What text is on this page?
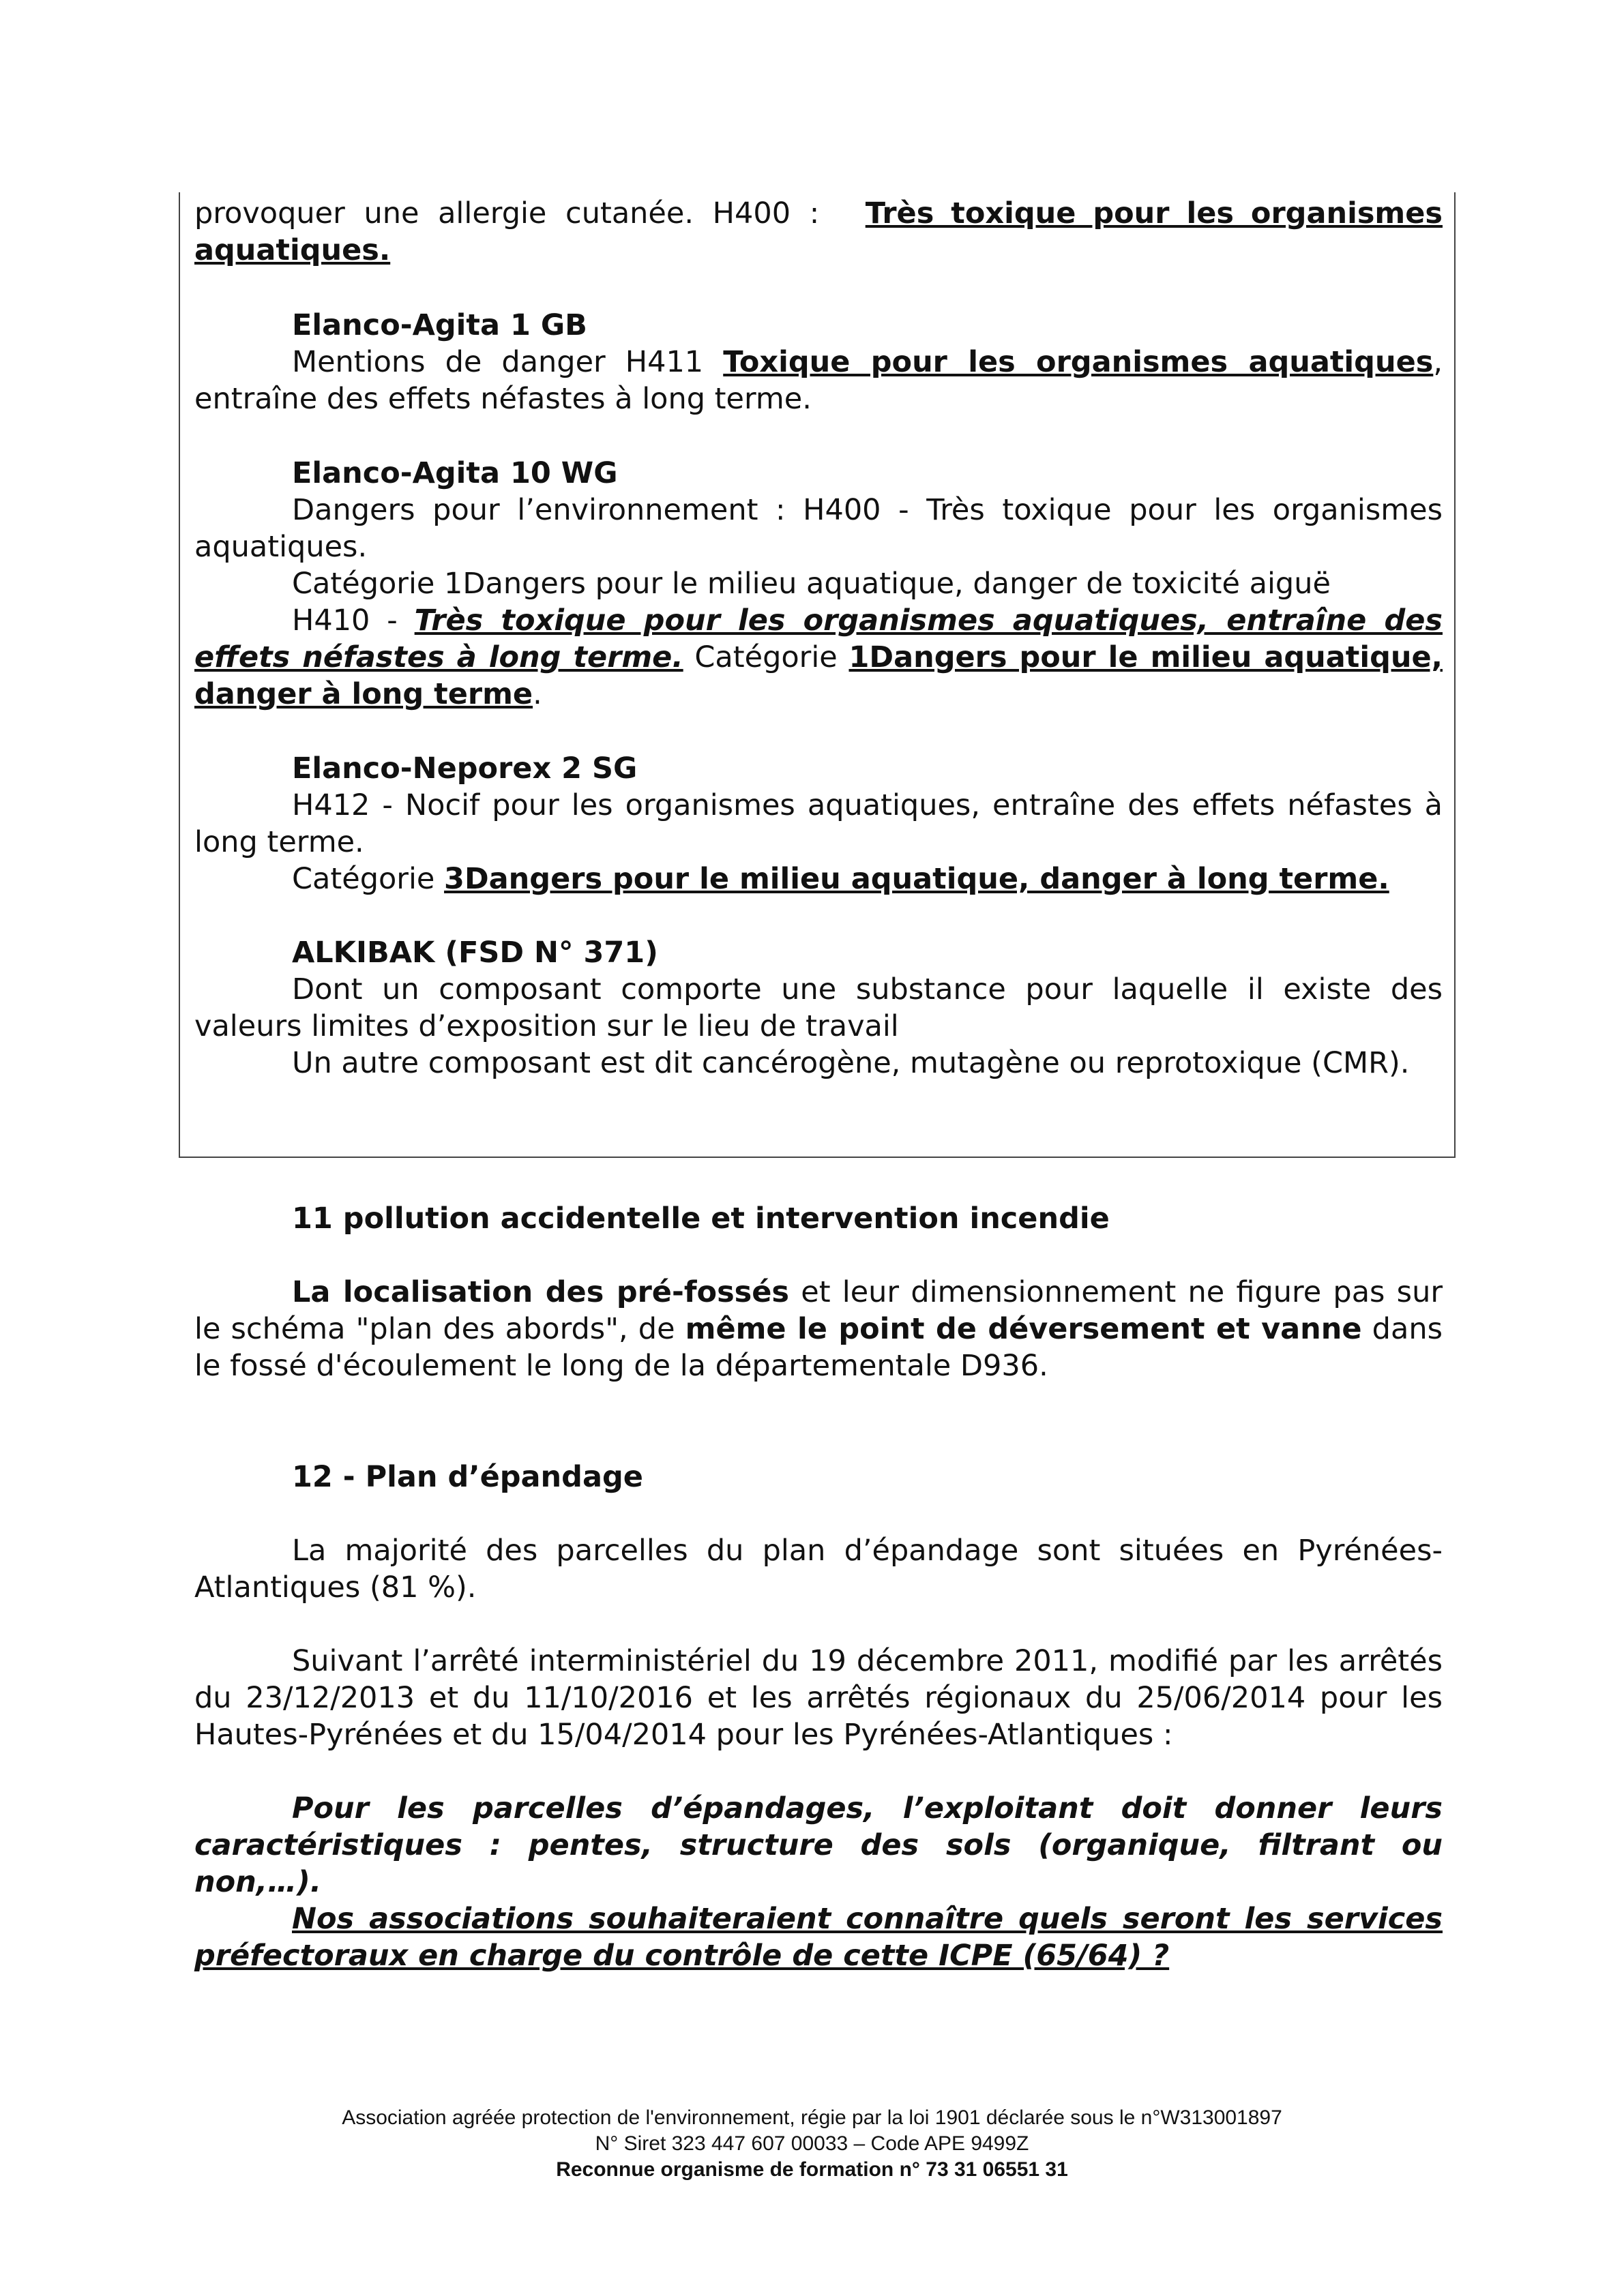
provoquer une allergie cutanée. H400 : Très toxique pour les organismes
aquatiques.
Elanco-Agita 1 GB
Mentions de danger H411 Toxique pour les organismes aquatiques, entraîne des effets néfastes à long terme.
Elanco-Agita 10 WG
Dangers pour l’environnement : H400 - Très toxique pour les organismes aquatiques.
Catégorie 1Dangers pour le milieu aquatique, danger de toxicité aiguë
H410 - Très toxique pour les organismes aquatiques, entraîne des effets néfastes à long terme. Catégorie 1Dangers pour le milieu aquatique, danger à long terme.
Elanco-Neporex 2 SG
H412 - Nocif pour les organismes aquatiques, entraîne des effets néfastes à long terme.
Catégorie 3Dangers pour le milieu aquatique, danger à long terme.
ALKIBAK (FSD N° 371)
Dont un composant comporte une substance pour laquelle il existe des valeurs limites d’exposition sur le lieu de travail
Un autre composant est dit cancérogène, mutagène ou reprotoxique (CMR).
11 pollution accidentelle et intervention incendie
La localisation des pré-fossés et leur dimensionnement ne figure pas sur le schéma "plan des abords", de même le point de déversement et vanne dans le fossé d'écoulement le long de la départementale D936.
12 - Plan d’épandage
La majorité des parcelles du plan d’épandage sont situées en Pyrénées-Atlantiques (81 %).
Suivant l’arrêté interministériel du 19 décembre 2011, modifié par les arrêtés du 23/12/2013 et du 11/10/2016 et les arrêtés régionaux du 25/06/2014 pour les Hautes-Pyrénées et du 15/04/2014 pour les Pyrénées-Atlantiques :
Pour les parcelles d’épandages, l’exploitant doit donner leurs caractéristiques : pentes, structure des sols (organique, filtrant ou non,…).
Nos associations souhaiteraient connaître quels seront les services préfectoraux en charge du contrôle de cette ICPE (65/64) ?
Association agréée protection de l'environnement, régie par la loi 1901 déclarée sous le n°W313001897
N° Siret 323 447 607 00033 – Code APE 9499Z
Reconnue organisme de formation n° 73 31 06551 31
